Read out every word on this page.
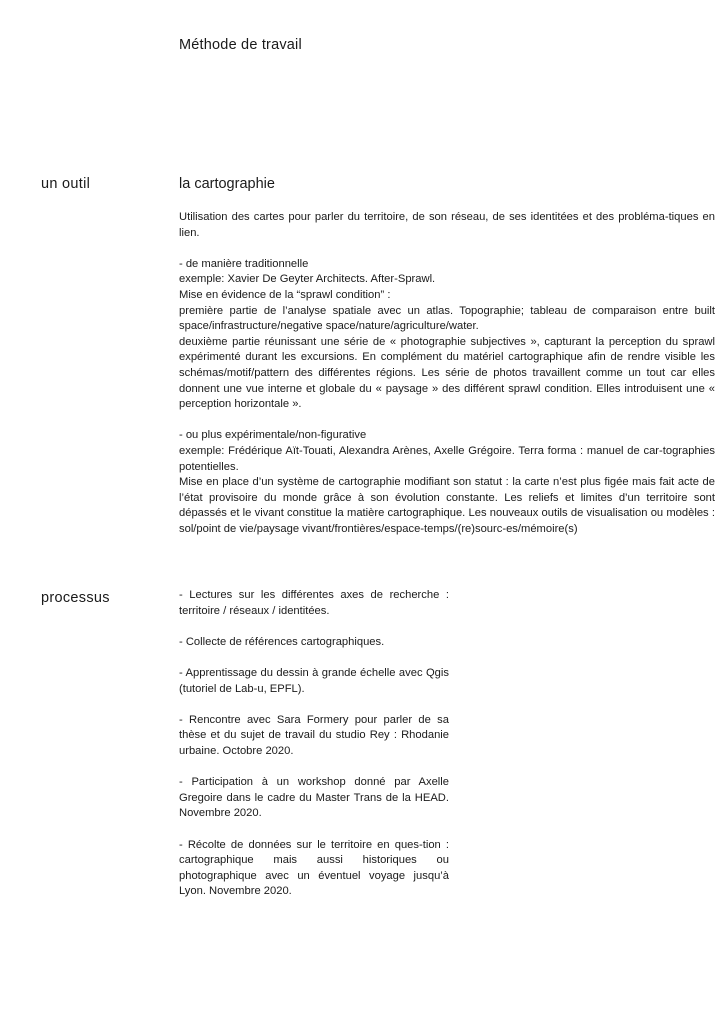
Méthode de travail
un outil	la cartographie

Utilisation des cartes pour parler du territoire, de son réseau, de ses identitées et des probléma-tiques en lien.

- de manière traditionnelle

exemple: Xavier De Geyter Architects. After-Sprawl.

Mise en évidence de la “sprawl condition” :

première partie de l’analyse spatiale avec un atlas. Topographie; tableau de comparaison entre built space/infrastructure/negative space/nature/agriculture/water.

deuxième partie réunissant une série de « photographie subjectives », capturant la perception du sprawl expérimenté durant les excursions. En complément du matériel cartographique afin de rendre visible les schémas/motif/pattern des différentes régions. Les série de photos travaillent comme un tout car elles donnent une vue interne et globale du « paysage » des différent sprawl condition. Elles introduisent une « perception horizontale ».

- ou plus expérimentale/non-figurative

exemple: Frédérique Aït-Touati, Alexandra Arènes, Axelle Grégoire. Terra forma : manuel de car-tographies potentielles.

Mise en place d’un système de cartographie modifiant son statut : la carte n’est plus figée mais fait acte de l’état provisoire du monde grâce à son évolution constante. Les reliefs et limites d’un territoire sont dépassés et le vivant constitue la matière cartographique. Les nouveaux outils de visualisation ou modèles : sol/point de vie/paysage vivant/frontières/espace-temps/(re)sourc-es/mémoire(s)

processus	- Lectures sur les différentes axes de recherche : territoire / réseaux / identitées.

- Collecte de références cartographiques.

- Apprentissage du dessin à grande échelle avec Qgis (tutoriel de Lab-u, EPFL).

- Rencontre avec Sara Formery pour parler de sa thèse et du sujet de travail du studio Rey : Rhodanie urbaine. Octobre 2020.

- Participation à un workshop donné par Axelle Gregoire dans le cadre du Master Trans de la HEAD. Novembre 2020.

- Récolte de données sur le territoire en ques-tion : cartographique mais aussi historiques ou photographique avec un éventuel voyage jusqu’à Lyon. Novembre 2020.
